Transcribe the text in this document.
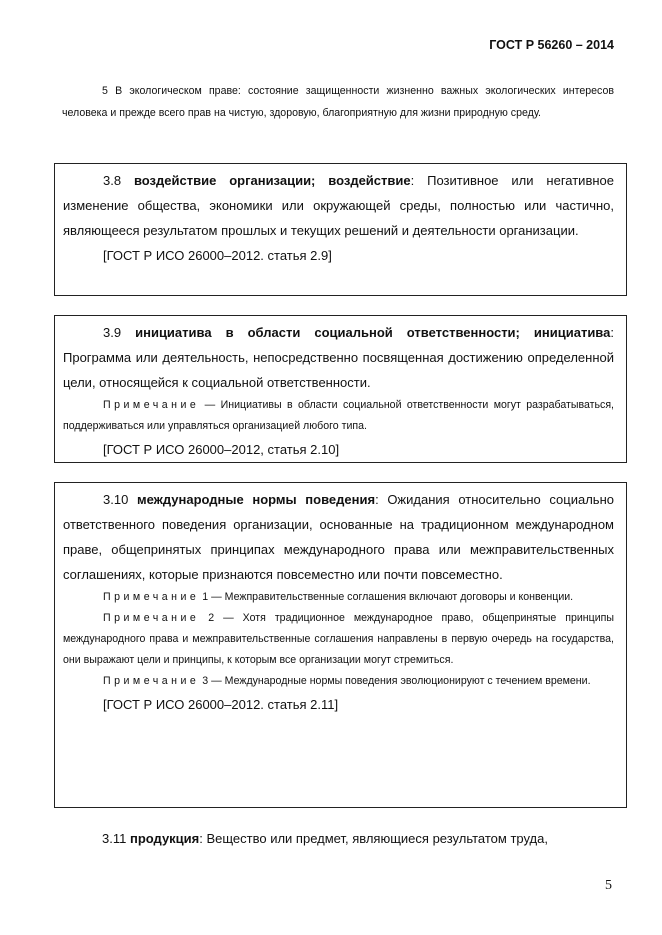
ГОСТ Р 56260 – 2014
5 В экологическом праве: состояние защищенности жизненно важных экологических интересов человека и прежде всего прав на чистую, здоровую, благоприятную для жизни природную среду.

3.8 воздействие организации; воздействие: Позитивное или негативное изменение общества, экономики или окружающей среды, полностью или частично, являющееся результатом прошлых и текущих решений и деятельности организации.

[ГОСТ Р ИСО 26000–2012. статья 2.9]

3.9 инициатива в области социальной ответственности; инициатива: Программа или деятельность, непосредственно посвященная достижению определенной цели, относящейся к социальной ответственности.

Примечание — Инициативы в области социальной ответственности могут разрабатываться, поддерживаться или управляться организацией любого типа.

[ГОСТ Р ИСО 26000–2012, статья 2.10]

3.10 международные нормы поведения: Ожидания относительно социально ответственного поведения организации, основанные на традиционном международном праве, общепринятых принципах международного права или межправительственных соглашениях, которые признаются повсеместно или почти повсеместно.

Примечание 1 — Межправительственные соглашения включают договоры и конвенции.

Примечание 2 — Хотя традиционное международное право, общепринятые принципы международного права и межправительственные соглашения направлены в первую очередь на государства, они выражают цели и принципы, к которым все организации могут стремиться.

Примечание 3 — Международные нормы поведения эволюционируют с течением времени.

[ГОСТ Р ИСО 26000–2012. статья 2.11]

3.11 продукция: Вещество или предмет, являющиеся результатом труда,
5
